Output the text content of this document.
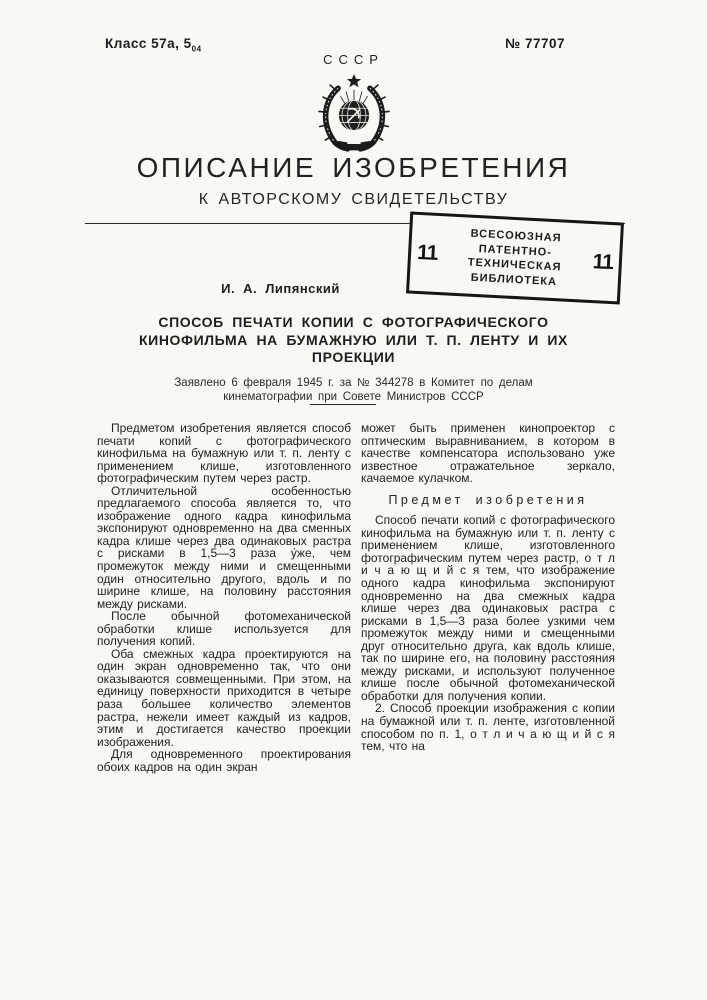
Класс 57а, $5_{04}$	№ 77707
СССР
ОПИСАНИЕ ИЗОБРЕТЕНИЯ
К АВТОРСКОМУ СВИДЕТЕЛЬСТВУ
11
ВСЕСОЮЗНАЯ
ПАТЕНТНО-
ТЕХНИЧЕСКАЯ
БИБЛИОТЕКА
11
И. А. Липянский
СПОСОБ ПЕЧАТИ КОПИИ С ФОТОГРАФИЧЕСКОГО
КИНОФИЛЬМА НА БУМАЖНУЮ ИЛИ Т. П. ЛЕНТУ И ИХ
ПРОЕКЦИИ
Заявлено 6 февраля 1945 г. за № 344278 в Комитет по делам
кинематографии при Совете Министров СССР

Предметом изобретения является способ печати копий с фотографического кинофильма на бумажную или т. п. ленту с применением клише, изготовленного фотографическим путем через растр.

Отличительной особенностью предлагаемого способа является то, что изображение одного кадра кинофильма экспонируют одновременно на два сменных кадра клише через два одинаковых растра с рисками в 1,5—3 раза у́же, чем промежуток между ними и смещенными один относительно другого, вдоль и по ширине клише, на половину расстояния между рисками.

После обычной фотомеханической обработки клише используется для получения копий.

Оба смежных кадра проектируются на один экран одновременно так, что они оказываются совмещенными. При этом, на единицу поверхности приходится в четыре раза большее количество элементов растра, нежели имеет каждый из кадров, этим и достигается качество проекции изображения.

Для одновременного проектирования обоих кадров на один экран

может быть применен кинопроектор с оптическим выравниванием, в котором в качестве компенсатора использовано уже известное отражательное зеркало, качаемое кулачком.

Предмет изобретения

Способ печати копий с фотографического кинофильма на бумажную или т. п. ленту с применением клише, изготовленного фотографическим путем через растр, о т л и ч а ю щ и й с я тем, что изображение одного кадра кинофильма экспонируют одновременно на два смежных кадра клише через два одинаковых растра с рисками в 1,5—3 раза более узкими чем промежуток между ними и смещенными друг относительно друга, как вдоль клише, так по ширине его, на половину расстояния между рисками, и используют полученное клише после обычной фотомеханической обработки для получения копии.

2. Способ проекции изображения с копии на бумажной или т. п. ленте, изготовленной способом по п. 1, о т л и ч а ю щ и й с я тем, что на
